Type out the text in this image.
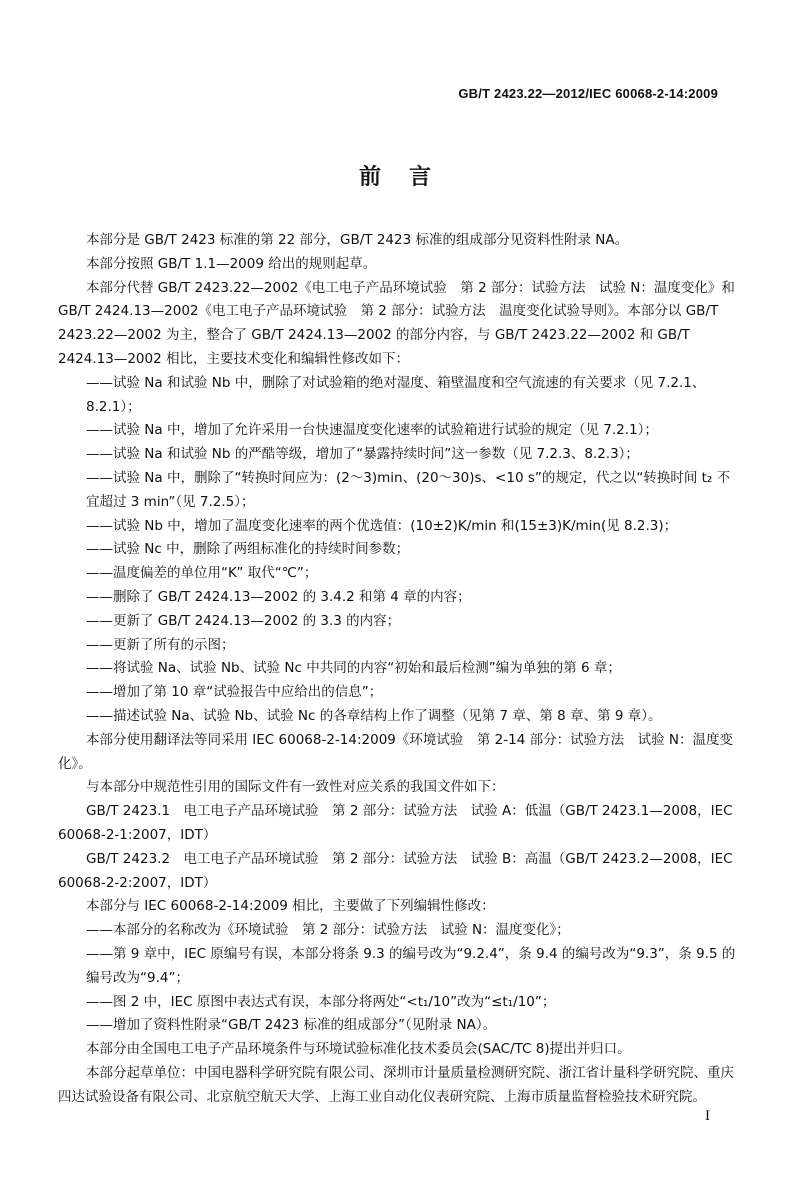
GB/T 2423.22—2012/IEC 60068-2-14:2009
前言

本部分是 GB/T 2423 标准的第 22 部分，GB/T 2423 标准的组成部分见资料性附录 NA。

本部分按照 GB/T 1.1—2009 给出的规则起草。

本部分代替 GB/T 2423.22—2002《电工电子产品环境试验　第 2 部分：试验方法　试验 N：温度变化》和 GB/T 2424.13—2002《电工电子产品环境试验　第 2 部分：试验方法　温度变化试验导则》。本部分以 GB/T 2423.22—2002 为主，整合了 GB/T 2424.13—2002 的部分内容，与 GB/T 2423.22—2002 和 GB/T 2424.13—2002 相比，主要技术变化和编辑性修改如下：

——试验 Na 和试验 Nb 中，删除了对试验箱的绝对湿度、箱壁温度和空气流速的有关要求（见 7.2.1、8.2.1）；

——试验 Na 中，增加了允许采用一台快速温度变化速率的试验箱进行试验的规定（见 7.2.1）；

——试验 Na 和试验 Nb 的严酷等级，增加了“暴露持续时间”这一参数（见 7.2.3、8.2.3）；

——试验 Na 中，删除了“转换时间应为：(2～3)min、(20～30)s、<10 s”的规定，代之以“转换时间 t₂ 不宜超过 3 min”（见 7.2.5）；

——试验 Nb 中，增加了温度变化速率的两个优选值：(10±2)K/min 和(15±3)K/min(见 8.2.3)；

——试验 Nc 中，删除了两组标准化的持续时间参数；

——温度偏差的单位用“K” 取代“℃”；

——删除了 GB/T 2424.13—2002 的 3.4.2 和第 4 章的内容；

——更新了 GB/T 2424.13—2002 的 3.3 的内容；

——更新了所有的示图；

——将试验 Na、试验 Nb、试验 Nc 中共同的内容“初始和最后检测”编为单独的第 6 章；

——增加了第 10 章“试验报告中应给出的信息”；

——描述试验 Na、试验 Nb、试验 Nc 的各章结构上作了调整（见第 7 章、第 8 章、第 9 章）。

本部分使用翻译法等同采用 IEC 60068-2-14:2009《环境试验　第 2-14 部分：试验方法　试验 N：温度变化》。

与本部分中规范性引用的国际文件有一致性对应关系的我国文件如下：

GB/T 2423.1　电工电子产品环境试验　第 2 部分：试验方法　试验 A：低温（GB/T 2423.1—2008，IEC 60068-2-1:2007，IDT）

GB/T 2423.2　电工电子产品环境试验　第 2 部分：试验方法　试验 B：高温（GB/T 2423.2—2008，IEC 60068-2-2:2007，IDT）

本部分与 IEC 60068-2-14:2009 相比，主要做了下列编辑性修改：

——本部分的名称改为《环境试验　第 2 部分：试验方法　试验 N：温度变化》；

——第 9 章中，IEC 原编号有误，本部分将条 9.3 的编号改为“9.2.4”，条 9.4 的编号改为“9.3”，条 9.5 的编号改为“9.4”；

——图 2 中，IEC 原图中表达式有误，本部分将两处“<t₁/10”改为“≤t₁/10”；

——增加了资料性附录“GB/T 2423 标准的组成部分”（见附录 NA）。

本部分由全国电工电子产品环境条件与环境试验标准化技术委员会(SAC/TC 8)提出并归口。

本部分起草单位：中国电器科学研究院有限公司、深圳市计量质量检测研究院、浙江省计量科学研究院、重庆四达试验设备有限公司、北京航空航天大学、上海工业自动化仪表研究院、上海市质量监督检验技术研究院。

I
